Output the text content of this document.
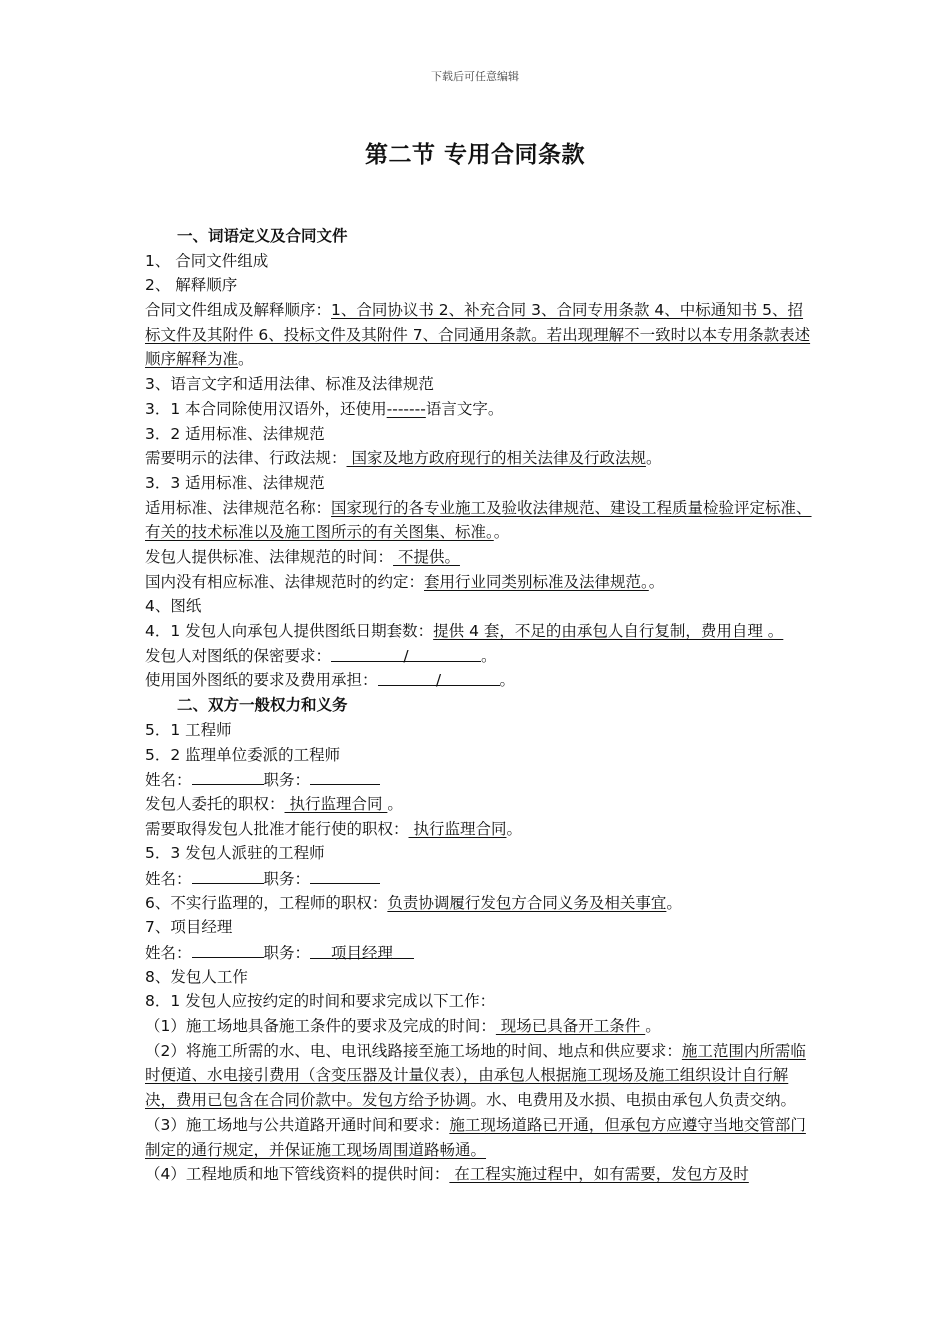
下载后可任意编辑
第二节 专用合同条款
一、词语定义及合同文件
1、 合同文件组成
2、 解释顺序
合同文件组成及解释顺序：1、合同协议书 2、补充合同 3、合同专用条款 4、中标通知书 5、招标文件及其附件 6、投标文件及其附件 7、合同通用条款。若出现理解不一致时以本专用条款表述顺序解释为准。
3、语言文字和适用法律、标准及法律规范
3．1 本合同除使用汉语外，还使用-------语言文字。
3．2 适用标准、法律规范
需要明示的法律、行政法规： 国家及地方政府现行的相关法律及行政法规。
3．3 适用标准、法律规范
适用标准、法律规范名称：国家现行的各专业施工及验收法律规范、建设工程质量检验评定标准、有关的技术标准以及施工图所示的有关图集、标准。。
发包人提供标准、法律规范的时间： 不提供。
国内没有相应标准、法律规范时的约定：套用行业同类别标准及法律规范。。
4、图纸
4．1 发包人向承包人提供图纸日期套数：提供 4 套，不足的由承包人自行复制，费用自理 。
发包人对图纸的保密要求：	/	。
使用国外图纸的要求及费用承担：	/	。
二、双方一般权力和义务
5．1 工程师
5．2 监理单位委派的工程师
姓名：	职务：
发包人委托的职权： 执行监理合同 。
需要取得发包人批准才能行使的职权： 执行监理合同。
5．3 发包人派驻的工程师
姓名：	职务：
6、不实行监理的，工程师的职权：负责协调履行发包方合同义务及相关事宜。
7、项目经理
姓名：	职务： 项目经理
8、发包人工作
8．1 发包人应按约定的时间和要求完成以下工作：
（1）施工场地具备施工条件的要求及完成的时间： 现场已具备开工条件 。
（2）将施工所需的水、电、电讯线路接至施工场地的时间、地点和供应要求：施工范围内所需临时便道、水电接引费用（含变压器及计量仪表），由承包人根据施工现场及施工组织设计自行解决，费用已包含在合同价款中。发包方给予协调。水、电费用及水损、电损由承包人负责交纳。
（3）施工场地与公共道路开通时间和要求：施工现场道路已开通，但承包方应遵守当地交管部门制定的通行规定，并保证施工现场周围道路畅通。
（4）工程地质和地下管线资料的提供时间： 在工程实施过程中，如有需要，发包方及时
